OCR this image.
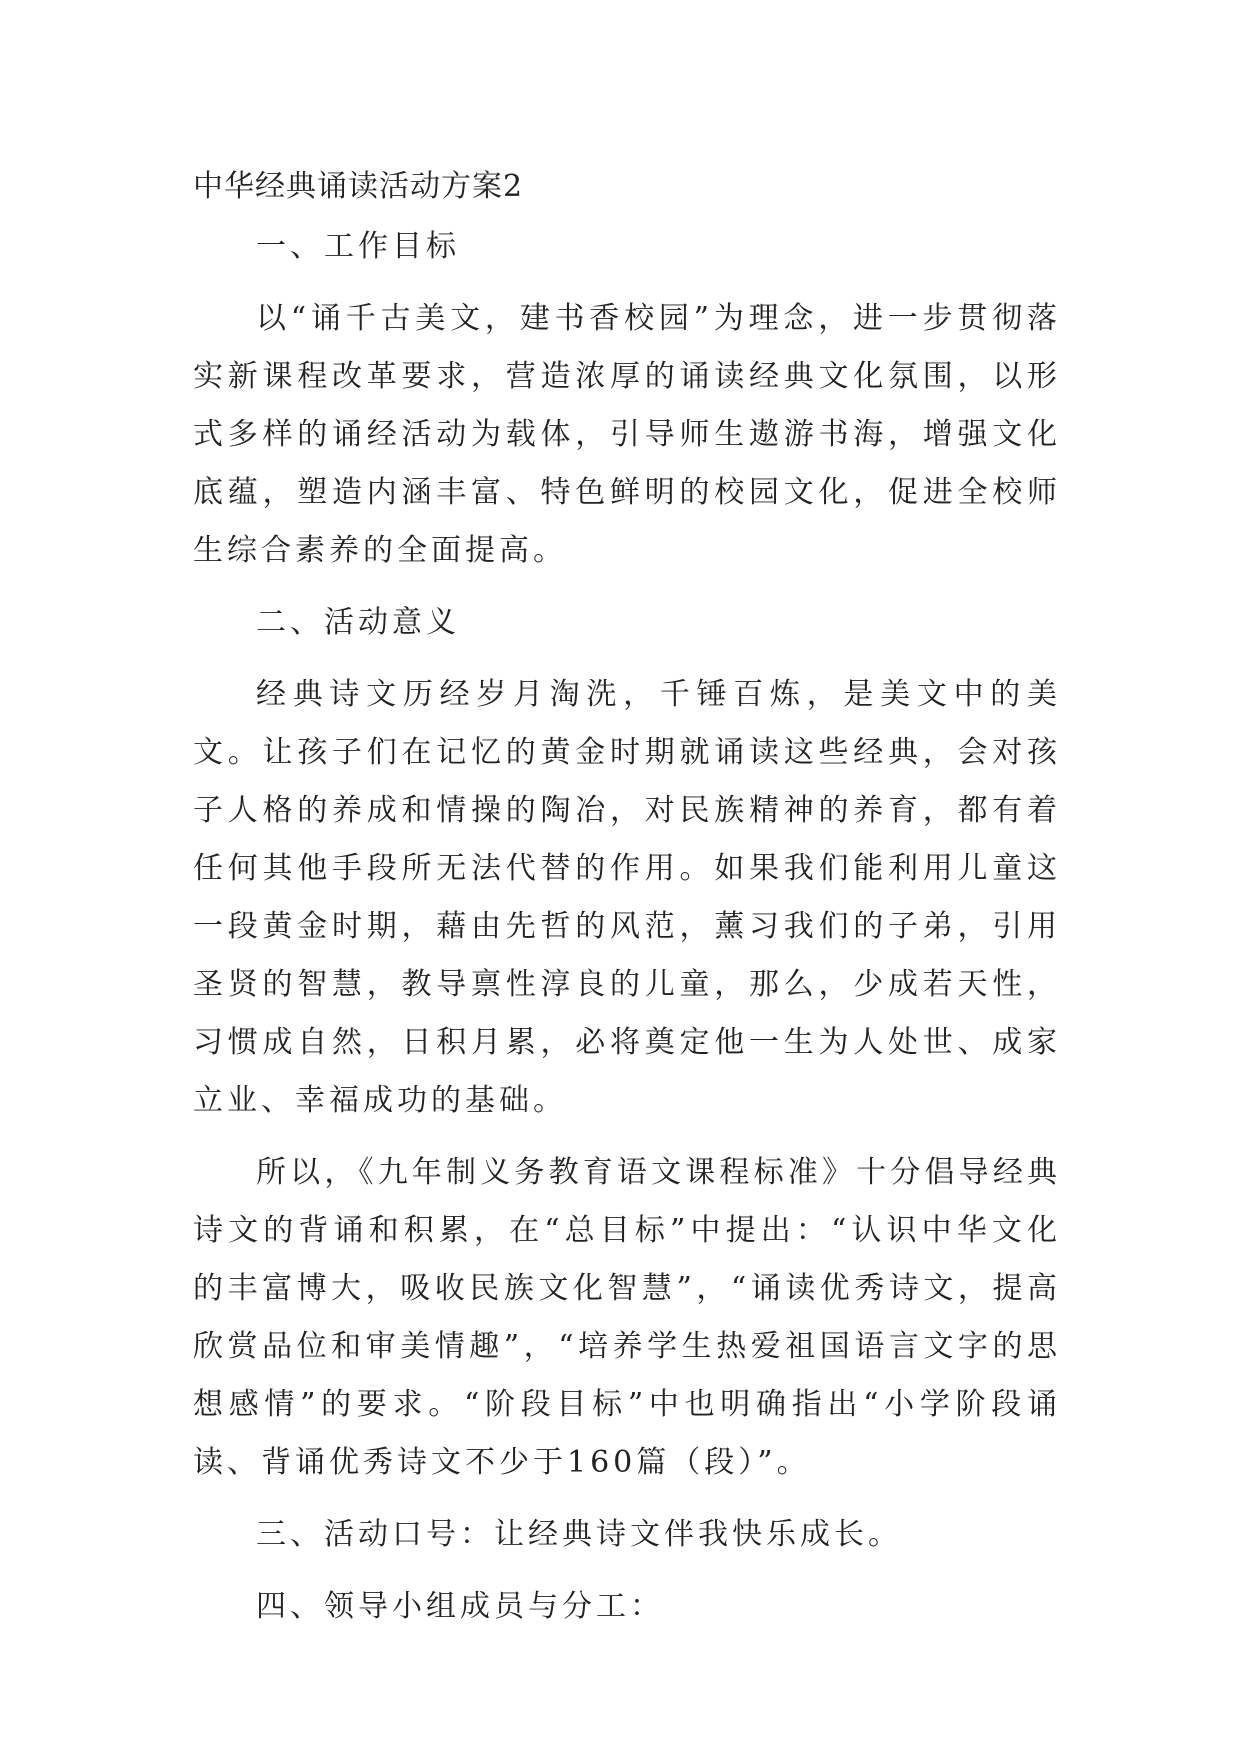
中华经典诵读活动方案2
一、工作目标

以“诵千古美文，建书香校园”为理念，进一步贯彻落实新课程改革要求，营造浓厚的诵读经典文化氛围，以形式多样的诵经活动为载体，引导师生遨游书海，增强文化底蕴，塑造内涵丰富、特色鲜明的校园文化，促进全校师生综合素养的全面提高。

二、活动意义

经典诗文历经岁月淘洗，千锤百炼，是美文中的美文。让孩子们在记忆的黄金时期就诵读这些经典，会对孩子人格的养成和情操的陶冶，对民族精神的养育，都有着任何其他手段所无法代替的作用。如果我们能利用儿童这一段黄金时期，藉由先哲的风范，薰习我们的子弟，引用圣贤的智慧，教导禀性淳良的儿童，那么，少成若天性，习惯成自然，日积月累，必将奠定他一生为人处世、成家立业、幸福成功的基础。

所以，《九年制义务教育语文课程标准》十分倡导经典诗文的背诵和积累，在“总目标”中提出：“认识中华文化的丰富博大，吸收民族文化智慧”，“诵读优秀诗文，提高欣赏品位和审美情趣”，“培养学生热爱祖国语言文字的思想感情”的要求。“阶段目标”中也明确指出“小学阶段诵读、背诵优秀诗文不少于160篇（段）”。

三、活动口号：让经典诗文伴我快乐成长。
四、领导小组成员与分工：
